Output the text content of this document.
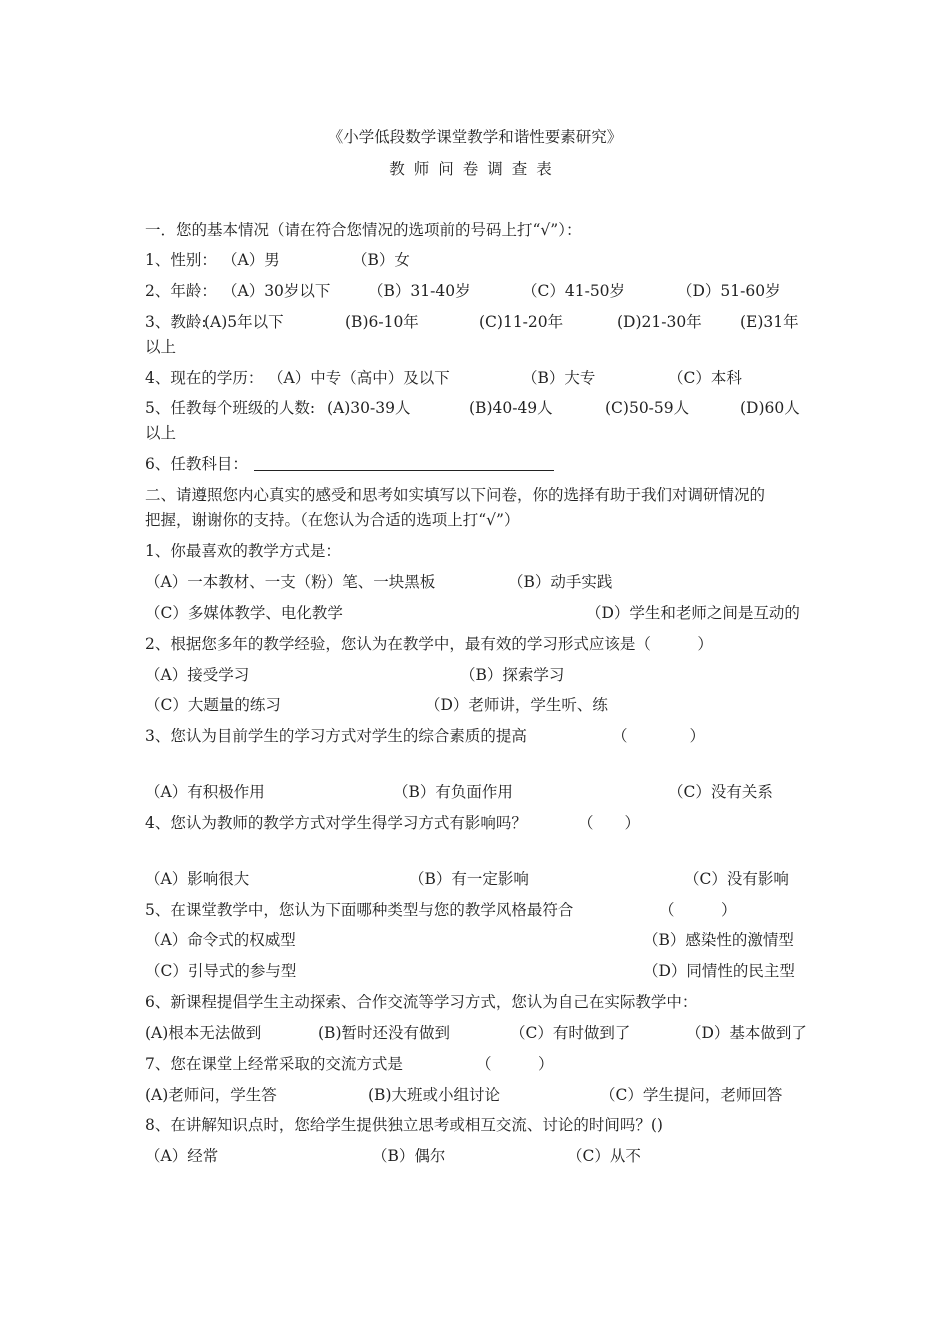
《小学低段数学课堂教学和谐性要素研究》
教师问卷调查表
一．您的基本情况（请在符合您情况的选项前的号码上打“√”）：
1、性别： （A）男	（B）女
2、年龄： （A）30岁以下 （B）31-40岁	（C）41-50岁	（D）51-60岁
3、教龄:
(A)5年以下	(B)6-10年	(C)11-20年	(D)21-30年 (E)31年
以上
4、现在的学历： （A）中专（高中）及以下	（B）大专	（C）本科
5、任教每个班级的人数: (A)30-39人	(B)40-49人	(C)50-59人	(D)60人
以上
6、任教科目：
二、请遵照您内心真实的感受和思考如实填写以下问卷，你的选择有助于我们对调研情况的
把握，谢谢你的支持。（在您认为合适的选项上打“√”）
1、你最喜欢的教学方式是：
（A）一本教材、一支（粉）笔、一块黑板	（B）动手实践
（C）多媒体教学、电化教学	（D）学生和老师之间是互动的
2、根据您多年的教学经验，您认为在教学中，最有效的学习形式应该是（　　　）
（A）接受学习	（B）探索学习
（C）大题量的练习	（D）老师讲，学生听、练
3、您认为目前学生的学习方式对学生的综合素质的提高	（　　　　）
（A）有积极作用	（B）有负面作用	（C）没有关系
4、您认为教师的教学方式对学生得学习方式有影响吗？	（　　）
（A）影响很大	（B）有一定影响	（C）没有影响
5、在课堂教学中，您认为下面哪种类型与您的教学风格最符合	（　　　）
（A）命令式的权威型	（B）感染性的激情型
（C）引导式的参与型	（D）同情性的民主型
6、新课程提倡学生主动探索、合作交流等学习方式，您认为自己在实际教学中：
(A)根本无法做到	(B)暂时还没有做到	（C）有时做到了	（D）基本做到了
7、您在课堂上经常采取的交流方式是	（　　　）
(A)老师问，学生答	(B)大班或小组讨论	（C）学生提问，老师回答
8、在讲解知识点时，您给学生提供独立思考或相互交流、讨论的时间吗？()
（A）经常	（B）偶尔	（C）从不
